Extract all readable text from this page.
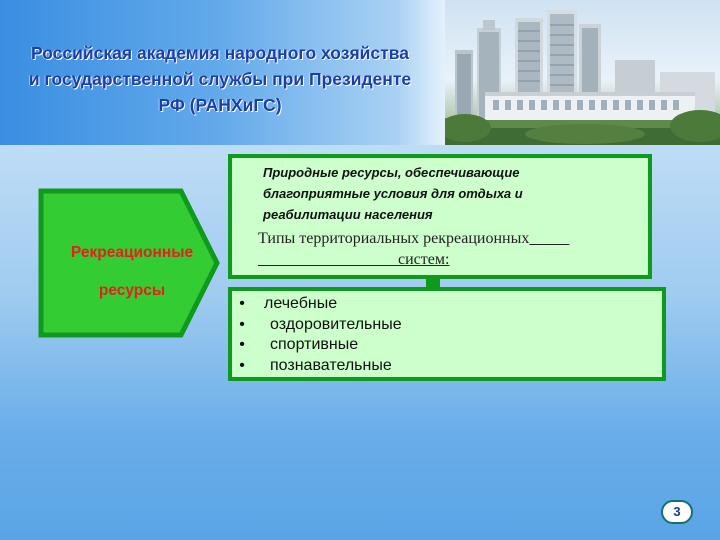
Российская академия народного хозяйства
и государственной службы при Президенте
РФ (РАНХиГС)
Рекреационные
ресурсы
Природные ресурсы, обеспечивающие
благоприятные условия для отдыха и
реабилитации населения
Типы территориальных рекреационных
систем:
•	лечебные
•	оздоровительные
•	спортивные
•	познавательные
3
